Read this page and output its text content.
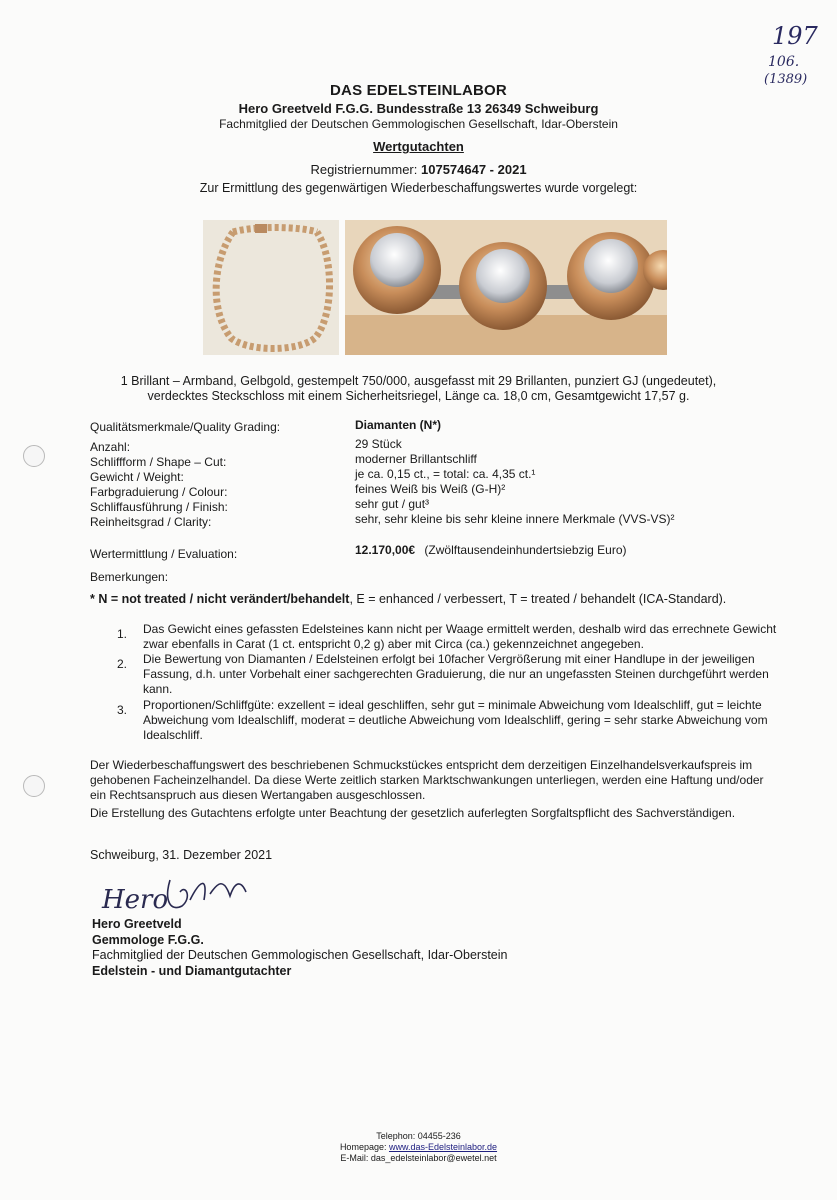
197
106.
(1389)
DAS EDELSTEINLABOR
Hero Greetveld F.G.G. Bundesstraße 13 26349 Schweiburg
Fachmitglied der Deutschen Gemmologischen Gesellschaft, Idar-Oberstein
Wertgutachten
Registriernummer: 107574647 - 2021
Zur Ermittlung des gegenwärtigen Wiederbeschaffungswertes wurde vorgelegt:
1 Brillant – Armband, Gelbgold, gestempelt 750/000, ausgefasst mit 29 Brillanten, punziert GJ (ungedeutet),
verdecktes Steckschloss mit einem Sicherheitsriegel, Länge ca. 18,0 cm, Gesamtgewicht 17,57 g.
Qualitätsmerkmale/Quality Grading:	Diamanten (N*)
Anzahl:	29 Stück
Schliffform / Shape – Cut:	moderner Brillantschliff
Gewicht / Weight:	je ca. 0,15 ct., = total: ca. 4,35 ct.¹
Farbgraduierung / Colour:	feines Weiß bis Weiß (G-H)²
Schliffausführung / Finish:	sehr gut / gut³
Reinheitsgrad / Clarity:	sehr, sehr kleine bis sehr kleine innere Merkmale (VVS-VS)²
Wertermittlung / Evaluation:	12.170,00€ (Zwölftausendeinhundertsiebzig Euro)
Bemerkungen:
* N = not treated / nicht verändert/behandelt, E = enhanced / verbessert, T = treated / behandelt (ICA-Standard).
1. Das Gewicht eines gefassten Edelsteines kann nicht per Waage ermittelt werden, deshalb wird das errechnete Gewicht zwar ebenfalls in Carat (1 ct. entspricht 0,2 g) aber mit Circa (ca.) gekennzeichnet angegeben.
2. Die Bewertung von Diamanten / Edelsteinen erfolgt bei 10facher Vergrößerung mit einer Handlupe in der jeweiligen Fassung, d.h. unter Vorbehalt einer sachgerechten Graduierung, die nur an ungefassten Steinen durchgeführt werden kann.
3. Proportionen/Schliffgüte: exzellent = ideal geschliffen, sehr gut = minimale Abweichung vom Idealschliff, gut = leichte Abweichung vom Idealschliff, moderat = deutliche Abweichung vom Idealschliff, gering = sehr starke Abweichung vom Idealschliff.
Der Wiederbeschaffungswert des beschriebenen Schmuckstückes entspricht dem derzeitigen Einzelhandelsverkaufspreis im gehobenen Facheinzelhandel. Da diese Werte zeitlich starken Marktschwankungen unterliegen, werden eine Haftung und/oder ein Rechtsanspruch aus diesen Wertangaben ausgeschlossen.
Die Erstellung des Gutachtens erfolgte unter Beachtung der gesetzlich auferlegten Sorgfaltspflicht des Sachverständigen.
Schweiburg, 31. Dezember 2021
Hero
Hero Greetveld
Gemmologe F.G.G.
Fachmitglied der Deutschen Gemmologischen Gesellschaft, Idar-Oberstein
Edelstein - und Diamantgutachter
Telephon: 04455-236
Homepage: www.das-Edelsteinlabor.de
E-Mail: das_edelsteinlabor@ewetel.net
